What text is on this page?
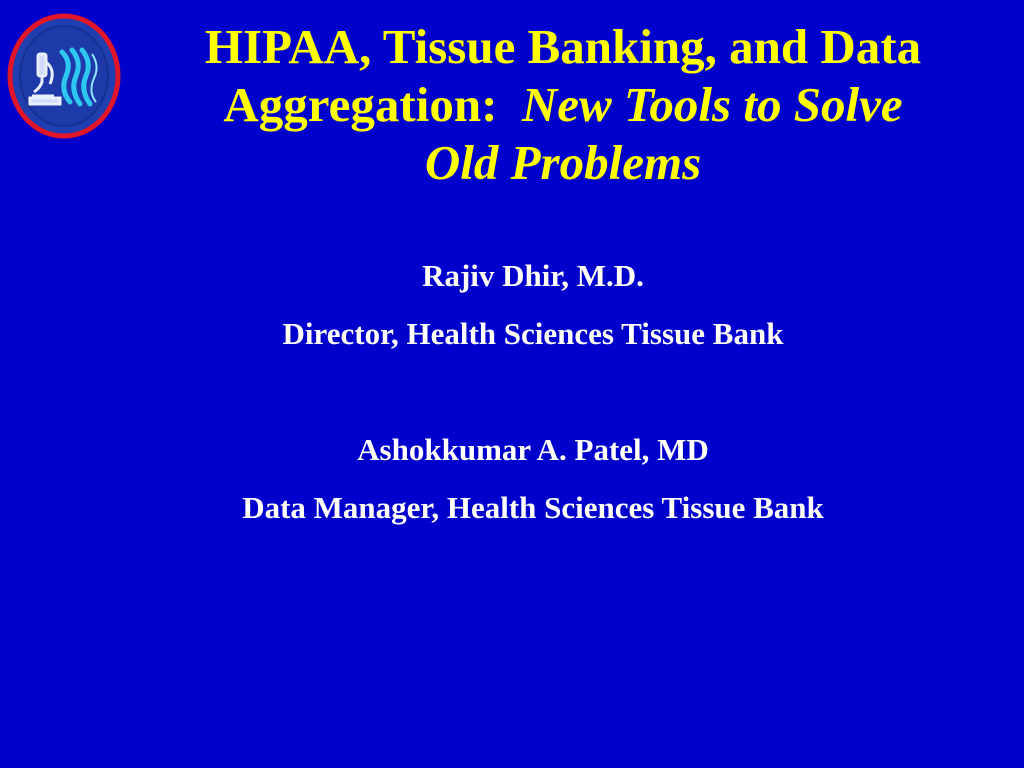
HIPAA, Tissue Banking, and Data
Aggregation: New Tools to Solve
Old Problems
Rajiv Dhir, M.D.
Director, Health Sciences Tissue Bank
Ashokkumar A. Patel, MD
Data Manager, Health Sciences Tissue Bank
